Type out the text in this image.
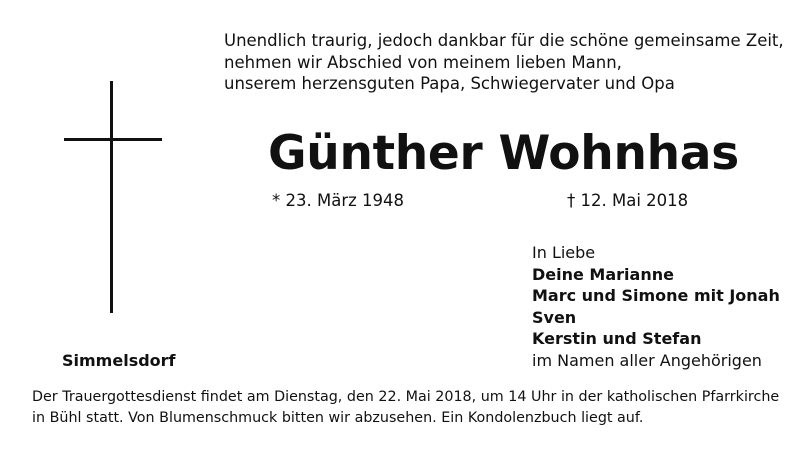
Unendlich traurig, jedoch dankbar für die schöne gemeinsame Zeit,
nehmen wir Abschied von meinem lieben Mann,
unserem herzensguten Papa, Schwiegervater und Opa
Günther Wohnhas
* 23. März 1948	† 12. Mai 2018
In Liebe
Deine Marianne
Marc und Simone mit Jonah
Sven
Kerstin und Stefan
im Namen aller Angehörigen
Simmelsdorf
Der Trauergottesdienst findet am Dienstag, den 22. Mai 2018, um 14 Uhr in der katholischen Pfarrkirche
in Bühl statt. Von Blumenschmuck bitten wir abzusehen. Ein Kondolenzbuch liegt auf.
